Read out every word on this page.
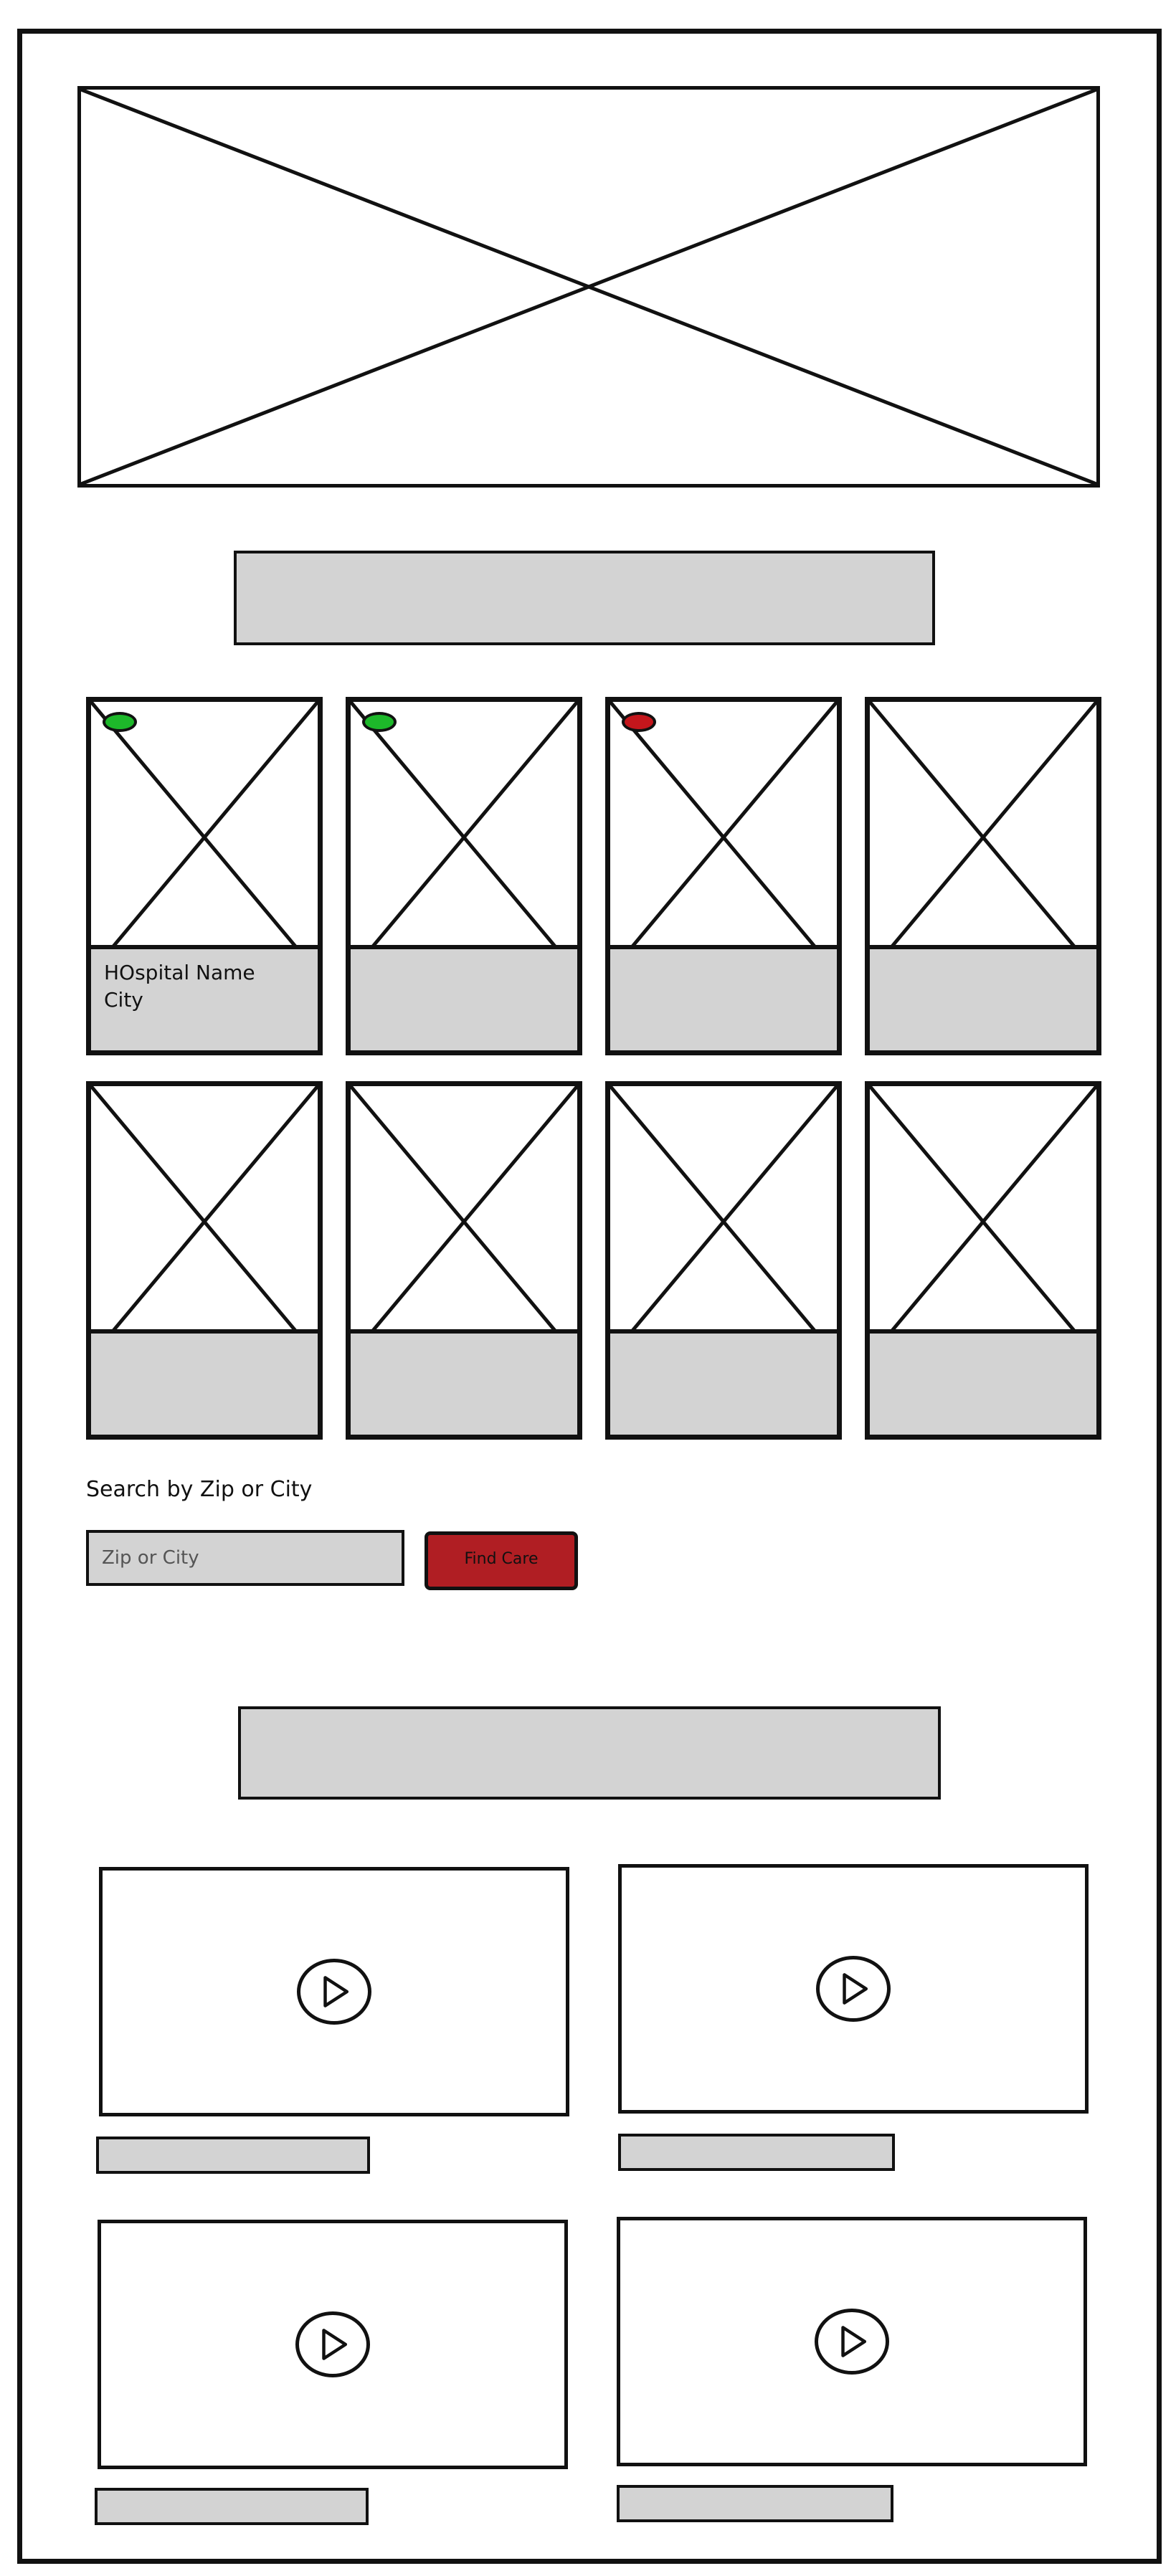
HOspital Name
City
Search by Zip or City
Zip or City
Find Care
